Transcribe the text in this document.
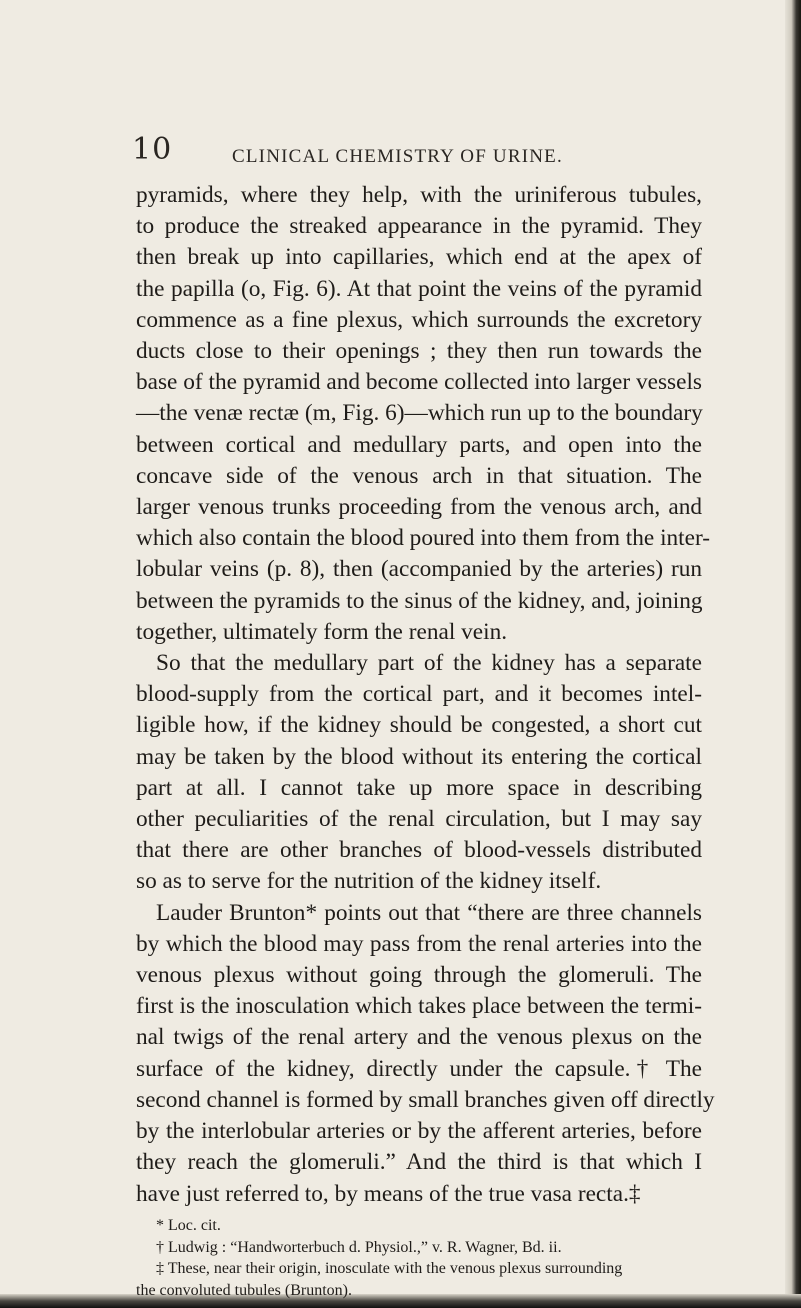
10	CLINICAL CHEMISTRY OF URINE.
pyramids, where they help, with the uriniferous tubules,
to produce the streaked appearance in the pyramid. They
then break up into capillaries, which end at the apex of
the papilla (o, Fig. 6). At that point the veins of the pyramid
commence as a fine plexus, which surrounds the excretory
ducts close to their openings ; they then run towards the
base of the pyramid and become collected into larger vessels
—the venæ rectæ (m, Fig. 6)—which run up to the boundary
between cortical and medullary parts, and open into the
concave side of the venous arch in that situation. The
larger venous trunks proceeding from the venous arch, and
which also contain the blood poured into them from the inter-
lobular veins (p. 8), then (accompanied by the arteries) run
between the pyramids to the sinus of the kidney, and, joining
together, ultimately form the renal vein.
So that the medullary part of the kidney has a separate
blood-supply from the cortical part, and it becomes intel-
ligible how, if the kidney should be congested, a short cut
may be taken by the blood without its entering the cortical
part at all. I cannot take up more space in describing
other peculiarities of the renal circulation, but I may say
that there are other branches of blood-vessels distributed
so as to serve for the nutrition of the kidney itself.
Lauder Brunton* points out that “there are three channels
by which the blood may pass from the renal arteries into the
venous plexus without going through the glomeruli. The
first is the inosculation which takes place between the termi-
nal twigs of the renal artery and the venous plexus on the
surface of the kidney, directly under the capsule.† The
second channel is formed by small branches given off directly
by the interlobular arteries or by the afferent arteries, before
they reach the glomeruli.” And the third is that which I
have just referred to, by means of the true vasa recta.‡
* Loc. cit.
† Ludwig : “Handworterbuch d. Physiol.,” v. R. Wagner, Bd. ii.
‡ These, near their origin, inosculate with the venous plexus surrounding
the convoluted tubules (Brunton).
